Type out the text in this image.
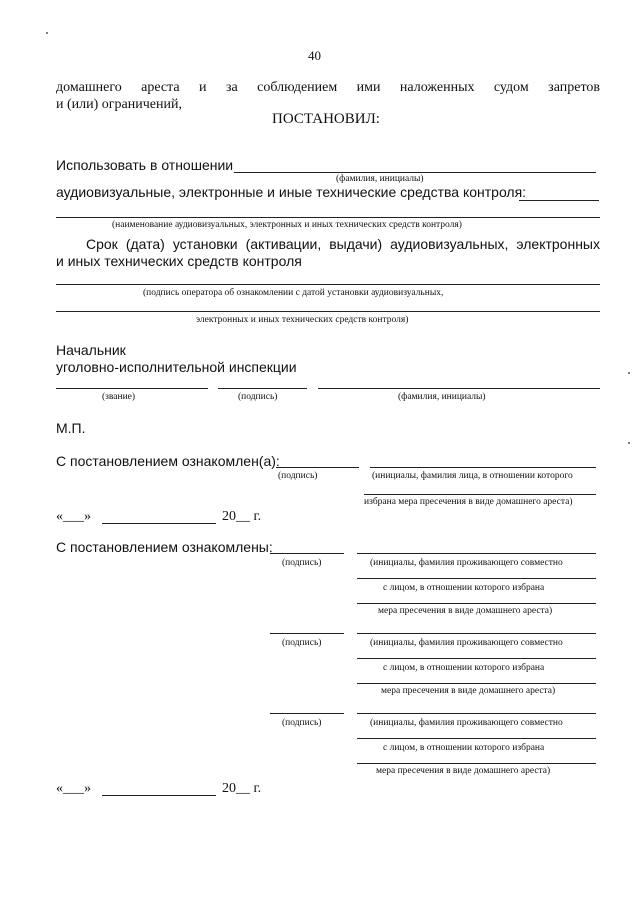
40
домашнего ареста и за соблюдением ими наложенных судом запретов
и (или) ограничений,
ПОСТАНОВИЛ:
Использовать в отношении
(фамилия, инициалы)
аудиовизуальные, электронные и иные технические средства контроля:
(наименование аудиовизуальных, электронных и иных технических средств контроля)
Срок (дата) установки (активации, выдачи) аудиовизуальных, электронных
и иных технических средств контроля
(подпись оператора об ознакомлении с датой установки аудиовизуальных,
электронных и иных технических средств контроля)
Начальник
уголовно-исполнительной инспекции
(звание)	(подпись)	(фамилия, инициалы)
М.П.
С постановлением ознакомлен(а):
(подпись)	(инициалы, фамилия лица, в отношении которого
избрана мера пресечения в виде домашнего ареста)
«___»	20__ г.
С постановлением ознакомлены:
(подпись)	(инициалы, фамилия проживающего совместно
с лицом, в отношении которого избрана
мера пресечения в виде домашнего ареста)
(подпись)	(инициалы, фамилия проживающего совместно
с лицом, в отношении которого избрана
мера пресечения в виде домашнего ареста)
(подпись)	(инициалы, фамилия проживающего совместно
с лицом, в отношении которого избрана
мера пресечения в виде домашнего ареста)
«___»	20__ г.
